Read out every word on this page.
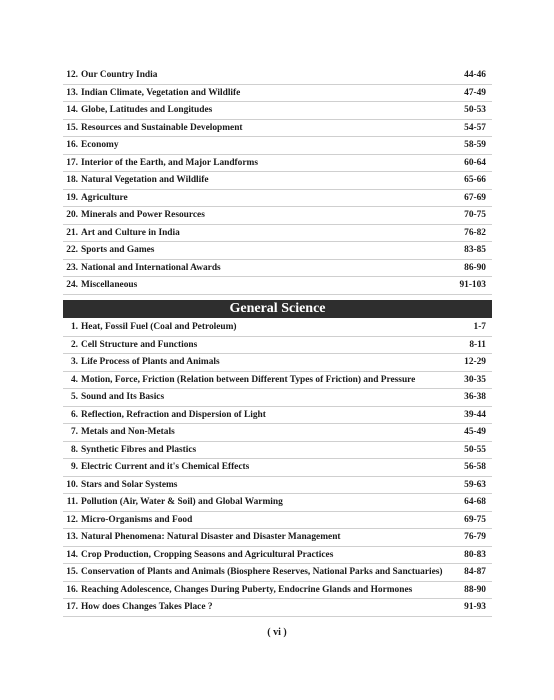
12. Our Country India	44-46
13. Indian Climate, Vegetation and Wildlife	47-49
14. Globe, Latitudes and Longitudes	50-53
15. Resources and Sustainable Development	54-57
16. Economy	58-59
17. Interior of the Earth, and Major Landforms	60-64
18. Natural Vegetation and Wildlife	65-66
19. Agriculture	67-69
20. Minerals and Power Resources	70-75
21. Art and Culture in India	76-82
22. Sports and Games	83-85
23. National and International Awards	86-90
24. Miscellaneous	91-103
General Science
1. Heat, Fossil Fuel (Coal and Petroleum)	1-7
2. Cell Structure and Functions	8-11
3. Life Process of Plants and Animals	12-29
4. Motion, Force, Friction (Relation between Different Types of Friction) and Pressure	30-35
5. Sound and Its Basics	36-38
6. Reflection, Refraction and Dispersion of Light	39-44
7. Metals and Non-Metals	45-49
8. Synthetic Fibres and Plastics	50-55
9. Electric Current and it's Chemical Effects	56-58
10. Stars and Solar Systems	59-63
11. Pollution (Air, Water & Soil) and Global Warming	64-68
12. Micro-Organisms and Food	69-75
13. Natural Phenomena: Natural Disaster and Disaster Management	76-79
14. Crop Production, Cropping Seasons and Agricultural Practices	80-83
15. Conservation of Plants and Animals (Biosphere Reserves, National Parks and Sanctuaries) 84-87
16. Reaching Adolescence, Changes During Puberty, Endocrine Glands and Hormones	88-90
17. How does Changes Takes Place ?	91-93
( vi )
